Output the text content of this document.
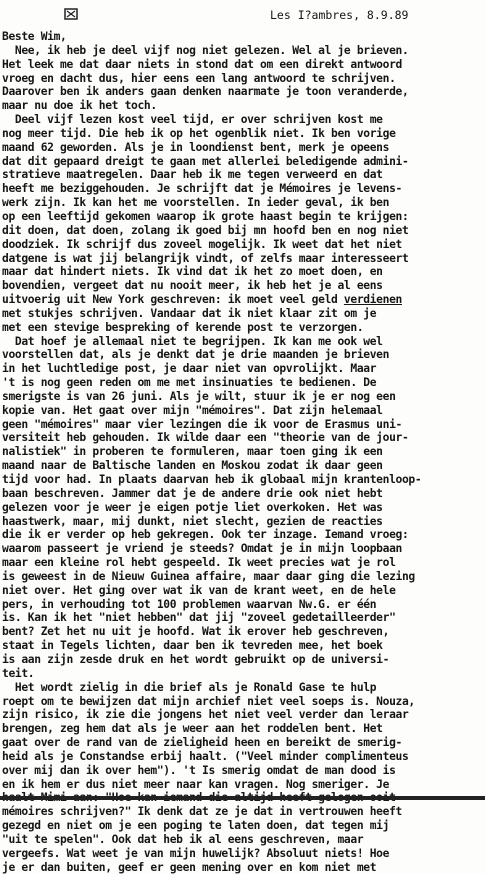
Les I?ambres, 8.9.89
Beste Wim,
Nee, ik heb je deel vijf nog niet gelezen. Wel al je brieven.
Het leek me dat daar niets in stond dat om een direkt antwoord
vroeg en dacht dus, hier eens een lang antwoord te schrijven.
Daarover ben ik anders gaan denken naarmate je toon veranderde,
maar nu doe ik het toch.
Deel vijf lezen kost veel tijd, er over schrijven kost me
nog meer tijd. Die heb ik op het ogenblik niet. Ik ben vorige
maand 62 geworden. Als je in loondienst bent, merk je opeens
dat dit gepaard dreigt te gaan met allerlei beledigende admini-
stratieve maatregelen. Daar heb ik me tegen verweerd en dat
heeft me beziggehouden. Je schrijft dat je Mémoires je levens-
werk zijn. Ik kan het me voorstellen. In ieder geval, ik ben
op een leeftijd gekomen waarop ik grote haast begin te krijgen:
dit doen, dat doen, zolang ik goed bij mn hoofd ben en nog niet
doodziek. Ik schrijf dus zoveel mogelijk. Ik weet dat het niet
datgene is wat jij belangrijk vindt, of zelfs maar interesseert
maar dat hindert niets. Ik vind dat ik het zo moet doen, en
bovendien, vergeet dat nu nooit meer, ik heb het je al eens
uitvoerig uit New York geschreven: ik moet veel geld verdienen
met stukjes schrijven. Vandaar dat ik niet klaar zit om je
met een stevige bespreking of kerende post te verzorgen.
Dat hoef je allemaal niet te begrijpen. Ik kan me ook wel
voorstellen dat, als je denkt dat je drie maanden je brieven
in het luchtledige post, je daar niet van opvrolijkt. Maar
't is nog geen reden om me met insinuaties te bedienen. De
smerigste is van 26 juni. Als je wilt, stuur ik je er nog een
kopie van. Het gaat over mijn "mémoires". Dat zijn helemaal
geen "mémoires" maar vier lezingen die ik voor de Erasmus uni-
versiteit heb gehouden. Ik wilde daar een "theorie van de jour-
nalistiek" in proberen te formuleren, maar toen ging ik een
maand naar de Baltische landen en Moskou zodat ik daar geen
tijd voor had. In plaats daarvan heb ik globaal mijn krantenloop-
baan beschreven. Jammer dat je de andere drie ook niet hebt
gelezen voor je weer je eigen potje liet overkoken. Het was
haastwerk, maar, mij dunkt, niet slecht, gezien de reacties
die ik er verder op heb gekregen. Ook ter inzage. Iemand vroeg:
waarom passeert je vriend je steeds? Omdat je in mijn loopbaan
maar een kleine rol hebt gespeeld. Ik weet precies wat je rol
is geweest in de Nieuw Guinea affaire, maar daar ging die lezing
niet over. Het ging over wat ik van de krant weet, en de hele
pers, in verhouding tot 100 problemen waarvan Nw.G. er één
is. Kan ik het "niet hebben" dat jij "zoveel gedetailleerder"
bent? Zet het nu uit je hoofd. Wat ik erover heb geschreven,
staat in Tegels lichten, daar ben ik tevreden mee, het boek
is aan zijn zesde druk en het wordt gebruikt op de universi-
teit.
Het wordt zielig in die brief als je Ronald Gase te hulp
roept om te bewijzen dat mijn archief niet veel soeps is. Nouza,
zijn risico, ik zie die jongens het niet veel verder dan leraar
brengen, zeg hem dat als je weer aan het roddelen bent. Het
gaat over de rand van de zieligheid heen en bereikt de smerig-
heid als je Constandse erbij haalt. ("Veel minder complimenteus
over mij dan ik over hem"). 't Is smerig omdat de man dood is
en ik hem er dus niet meer naar kan vragen. Nog smeriger. Je
mémoires schrijven?" Ik denk dat ze je dat in vertrouwen heeft
gezegd en niet om je een poging te laten doen, dat tegen mij
"uit te spelen". Ook dat heb ik al eens geschreven, maar
vergeefs. Wat weet je van mijn huwelijk? Absoluut niets! Hoe
je er dan buiten, geef er geen mening over en kom niet met
